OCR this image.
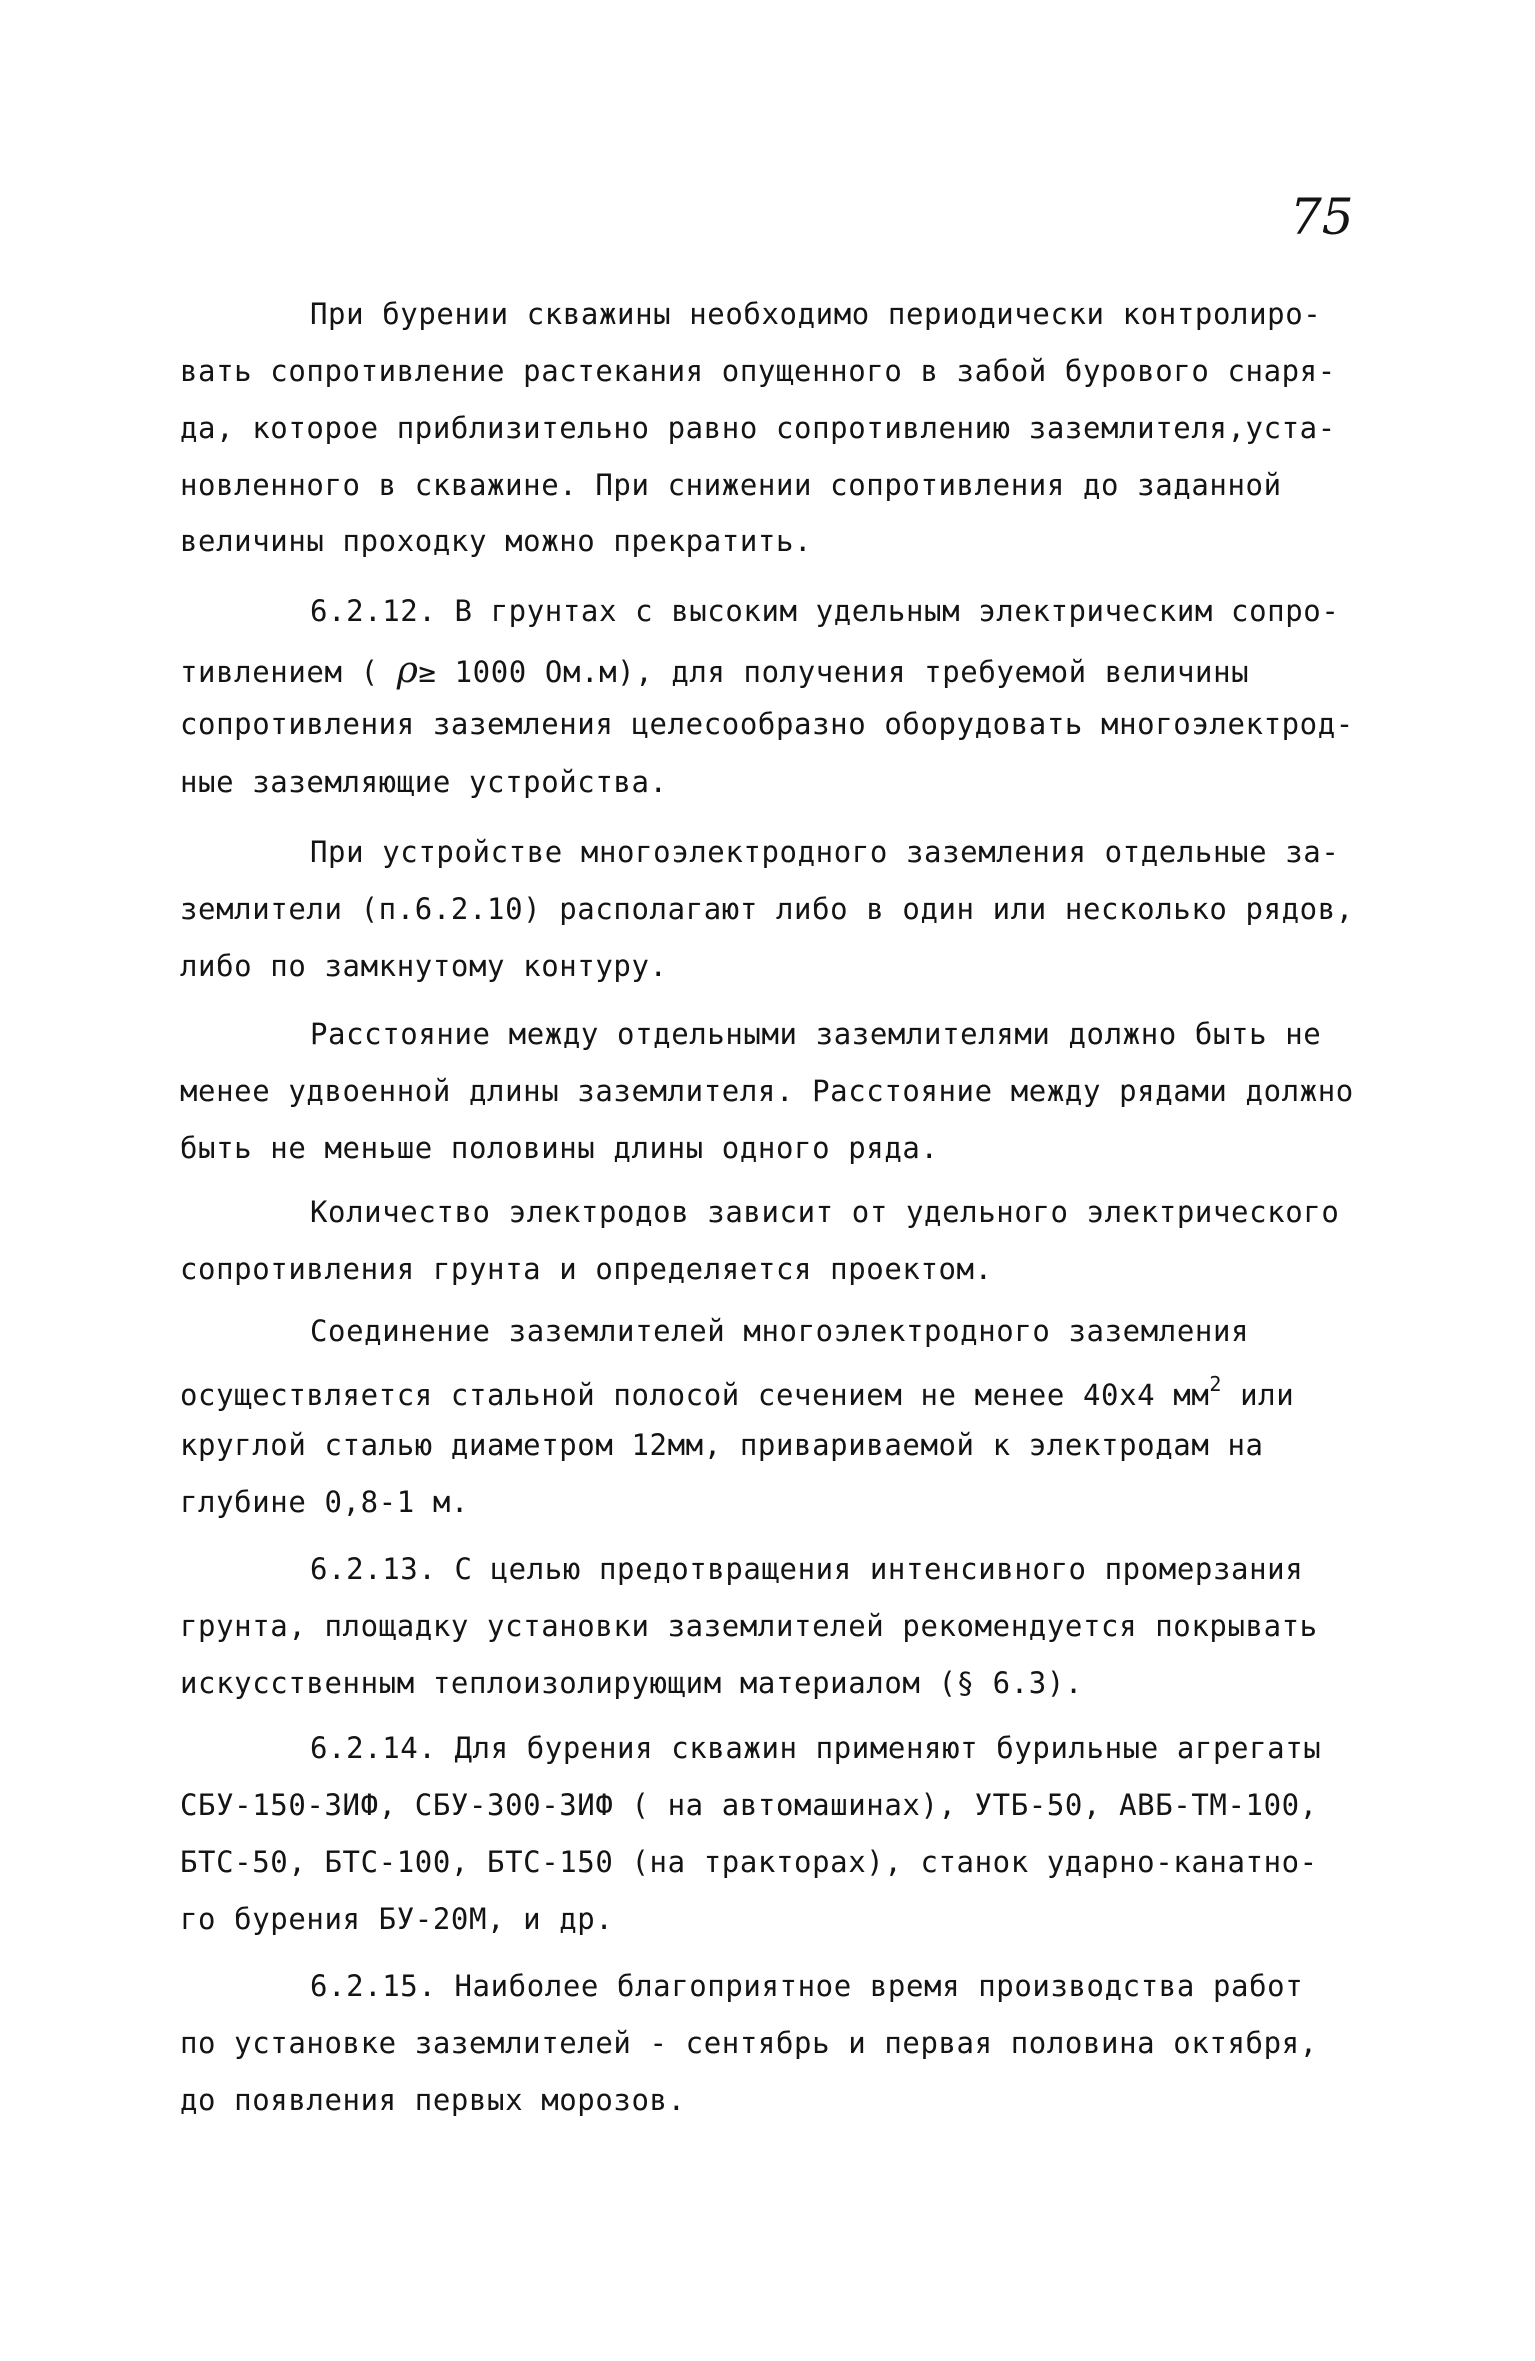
75
При бурении скважины необходимо периодически контролиро-
вать сопротивление растекания опущенного в забой бурового снаря-
да, которое приблизительно равно сопротивлению заземлителя,уста-
новленного в скважине. При снижении сопротивления до заданной
величины проходку можно прекратить.
6.2.12. В грунтах с высоким удельным электрическим сопро-
тивлением ( ρ≥ 1000 Ом.м), для получения требуемой величины
сопротивления заземления целесообразно оборудовать многоэлектрод-
ные заземляющие устройства.
При устройстве многоэлектродного заземления отдельные за-
землители (п.6.2.10) располагают либо в один или несколько рядов,
либо по замкнутому контуру.
Расстояние между отдельными заземлителями должно быть не
менее удвоенной длины заземлителя. Расстояние между рядами должно
быть не меньше половины длины одного ряда.
Количество электродов зависит от удельного электрического
сопротивления грунта и определяется проектом.
Соединение заземлителей многоэлектродного заземления
осуществляется стальной полосой сечением не менее 40х4 $мм^2$ или
круглой сталью диаметром 12мм, привариваемой к электродам на
глубине 0,8-1 м.
6.2.13. С целью предотвращения интенсивного промерзания
грунта, площадку установки заземлителей рекомендуется покрывать
искусственным теплоизолирующим материалом (§ 6.3).
6.2.14. Для бурения скважин применяют бурильные агрегаты
СБУ-150-ЗИФ, СБУ-300-ЗИФ ( на автомашинах), УТБ-50, АВБ-ТМ-100,
БТС-50, БТС-100, БТС-150 (на тракторах), станок ударно-канатно-
го бурения БУ-20М, и др.
6.2.15. Наиболее благоприятное время производства работ
по установке заземлителей - сентябрь и первая половина октября,
до появления первых морозов.
